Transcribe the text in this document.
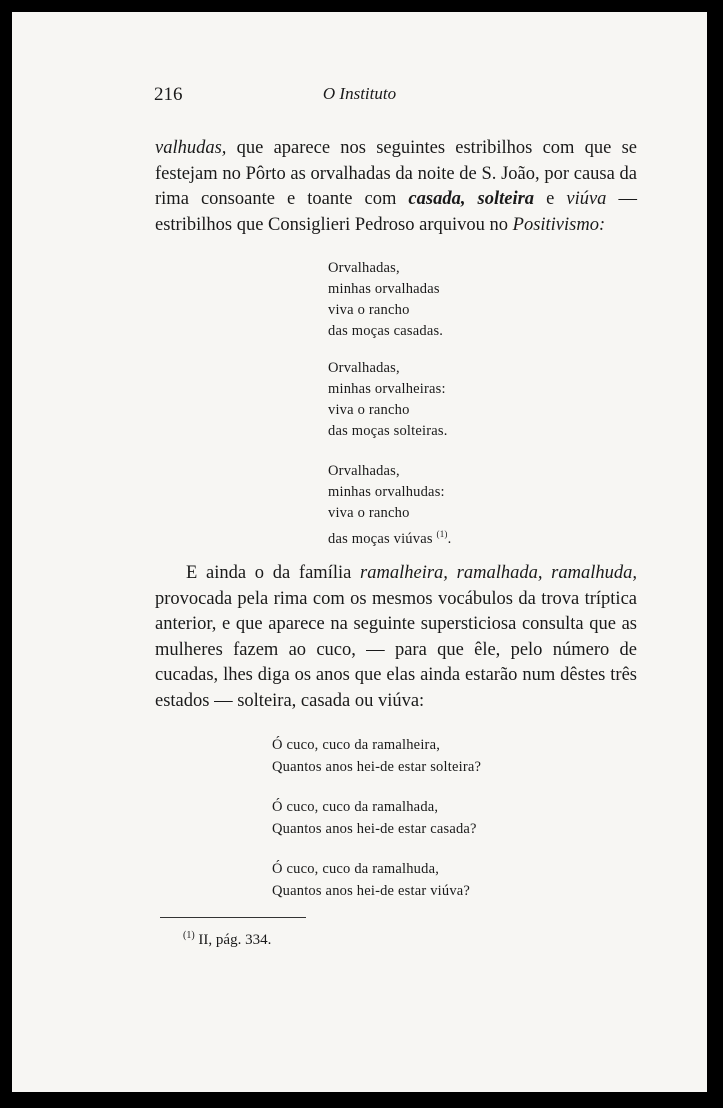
216	O Instituto
valhudas, que aparece nos seguintes estribilhos com que se festejam no Pôrto as orvalhadas da noite de S. João, por causa da rima consoante e toante com casada, solteira e viúva — estribilhos que Consiglieri Pedroso arquivou no Positivismo:

Orvalhadas,

minhas orvalhadas

viva o rancho

das moças casadas.

Orvalhadas,

minhas orvalheiras:

viva o rancho

das moças solteiras.

Orvalhadas,

minhas orvalhudas:

viva o rancho

das moças viúvas $^{(1)}$.

E ainda o da família ramalheira, ramalhada, ramalhuda, provocada pela rima com os mesmos vocábulos da trova tríptica anterior, e que aparece na seguinte supersticiosa consulta que as mulheres fazem ao cuco, — para que êle, pelo número de cucadas, lhes diga os anos que elas ainda estarão num dêstes três estados — solteira, casada ou viúva:

Ó cuco, cuco da ramalheira,

Quantos anos hei-de estar solteira?

Ó cuco, cuco da ramalhada,

Quantos anos hei-de estar casada?

Ó cuco, cuco da ramalhuda,

Quantos anos hei-de estar viúva?

$^{(1)}$ II, pág. 334.
